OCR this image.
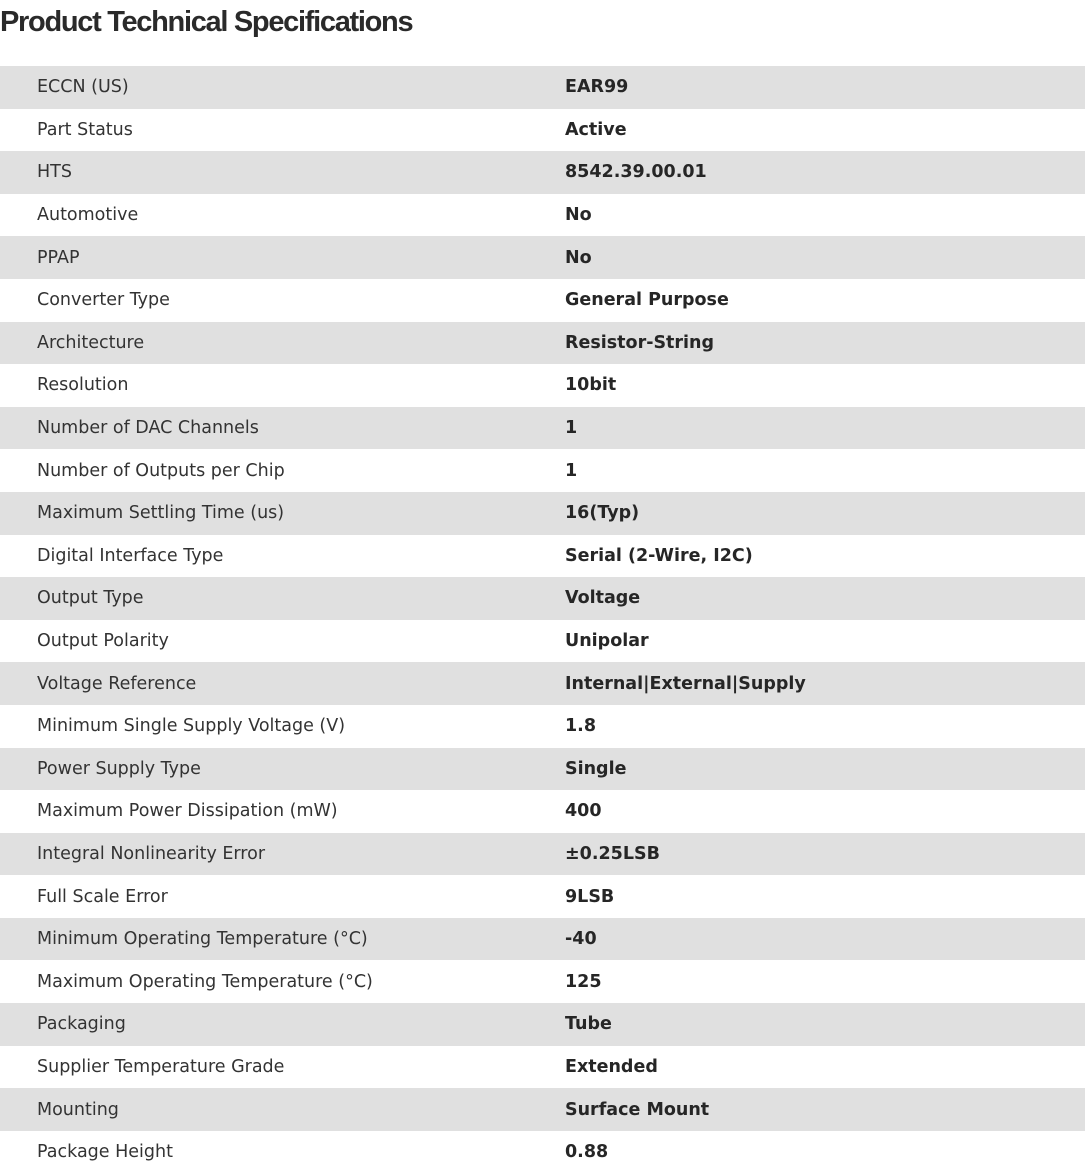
Product Technical Specifications
ECCN (US)	EAR99
Part Status	Active
HTS	8542.39.00.01
Automotive	No
PPAP	No
Converter Type	General Purpose
Architecture	Resistor-String
Resolution	10bit
Number of DAC Channels	1
Number of Outputs per Chip	1
Maximum Settling Time (us)	16(Typ)
Digital Interface Type	Serial (2-Wire, I2C)
Output Type	Voltage
Output Polarity	Unipolar
Voltage Reference	Internal|External|Supply
Minimum Single Supply Voltage (V)	1.8
Power Supply Type	Single
Maximum Power Dissipation (mW)	400
Integral Nonlinearity Error	±0.25LSB
Full Scale Error	9LSB
Minimum Operating Temperature (°C)	-40
Maximum Operating Temperature (°C)	125
Packaging	Tube
Supplier Temperature Grade	Extended
Mounting	Surface Mount
Package Height	0.88
